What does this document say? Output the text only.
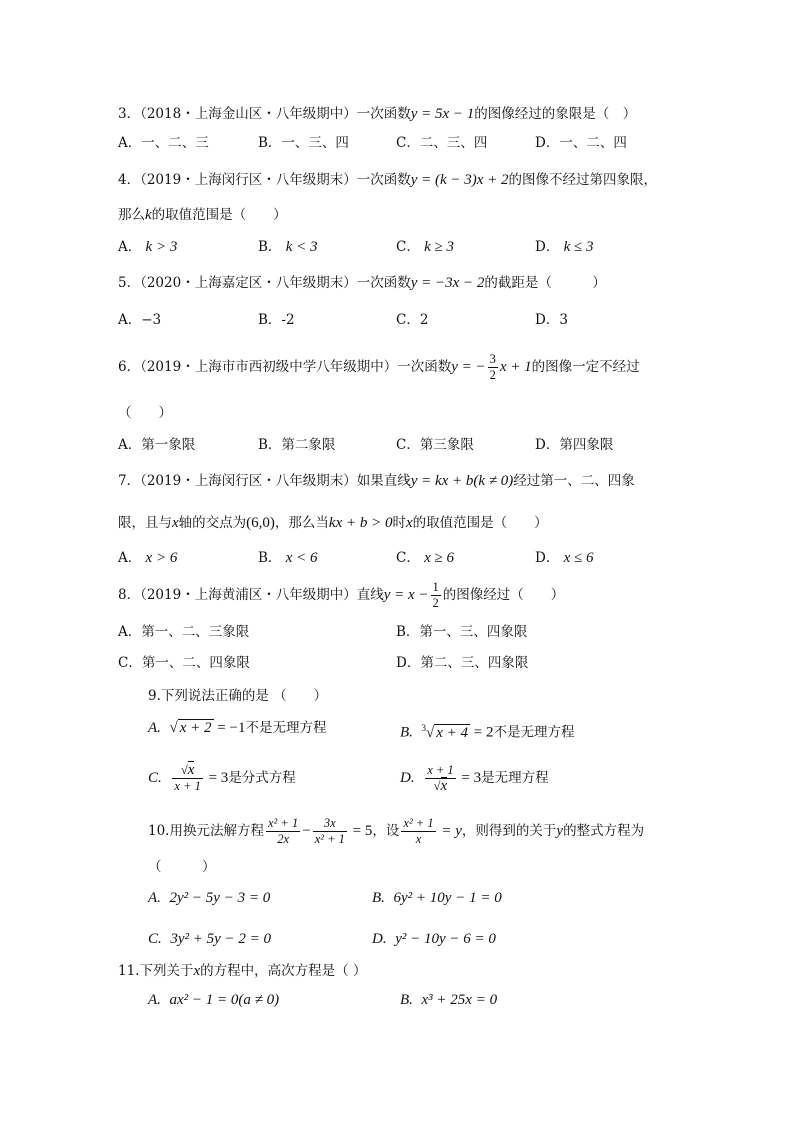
3．（2018・上海金山区・八年级期中）一次函数y = 5x − 1的图像经过的象限是（　）
A．一、二、三	B．一、三、四	C．二、三、四	D．一、二、四
4．（2019・上海闵行区・八年级期末）一次函数y = (k − 3)x + 2的图像不经过第四象限，
那么k的取值范围是（　　）
A． k > 3	B． k < 3	C． k ≥ 3	D． k ≤ 3
5．（2020・上海嘉定区・八年级期末）一次函数y = −3x − 2的截距是（　　　）
A．−3	B．-2	C．2	D．3
6．（2019・上海市市西初级中学八年级期中）一次函数y = − $\frac{3}{2}$ x + 1的图像一定不经过
（　　）
A．第一象限	B．第二象限	C．第三象限	D．第四象限
7．（2019・上海闵行区・八年级期末）如果直线y = kx + b(k ≠ 0)经过第一、二、四象
限，且与x轴的交点为(6,0)，那么当kx + b > 0时x的取值范围是（　　）
A． x > 6	B． x < 6	C． x ≥ 6	D． x ≤ 6
8．（2019・上海黄浦区・八年级期中）直线$y = x - \frac{1}{2}$ 的图像经过（　　）
A．第一、二、三象限	B．第一、三、四象限
C．第一、二、四象限	D．第二、三、四象限
9.下列说法正确的是 （　　）
A. √ x + 2 = −1不是无理方程	B. $^3$√ x + 4 = 2不是无理方程
C. $\frac{√x}{x + 1} = 3$是分式方程	D. $\frac{x + 1}{√x} = 3$是无理方程
10.用换元法解方程 $\frac{\text{x² + 1}}{2x} - \frac{3x}{\text{x² + 1}} = 5$，设 $\frac{\text{x² + 1}}{x} = y$，则得到的关于y的整式方程为
（　　　）
A. 2y² − 5y − 3 = 0	B. 6y² + 10y − 1 = 0
C. 3y² + 5y − 2 = 0	D. y² − 10y − 6 = 0
11.下列关于x的方程中，高次方程是（ ）
A. ax² − 1 = 0(a ≠ 0)	B. x³ + 25x = 0
